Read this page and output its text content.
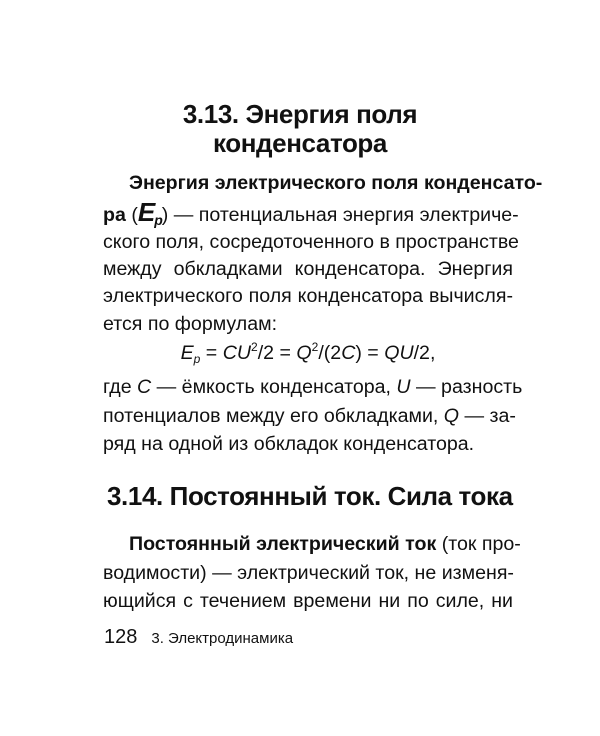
3.13. Энергия поля
конденсатора
Энергия электрического поля конденсато-
ра $(E_p)$ — потенциальная энергия электриче-
ского поля, сосредоточенного в пространстве
между обкладками конденсатора. Энергия
электрического поля конденсатора вычисля-
ется по формулам:
$E_p = CU^2/2 = Q^2/(2C) = QU/2$,
где C — ёмкость конденсатора, U — разность
потенциалов между его обкладками, Q — за-
ряд на одной из обкладок конденсатора.
3.14. Постоянный ток. Сила тока
Постоянный электрический ток (ток про-
водимости) — электрический ток, не изменя-
ющийся с течением времени ни по силе, ни
128 3. Электродинамика
